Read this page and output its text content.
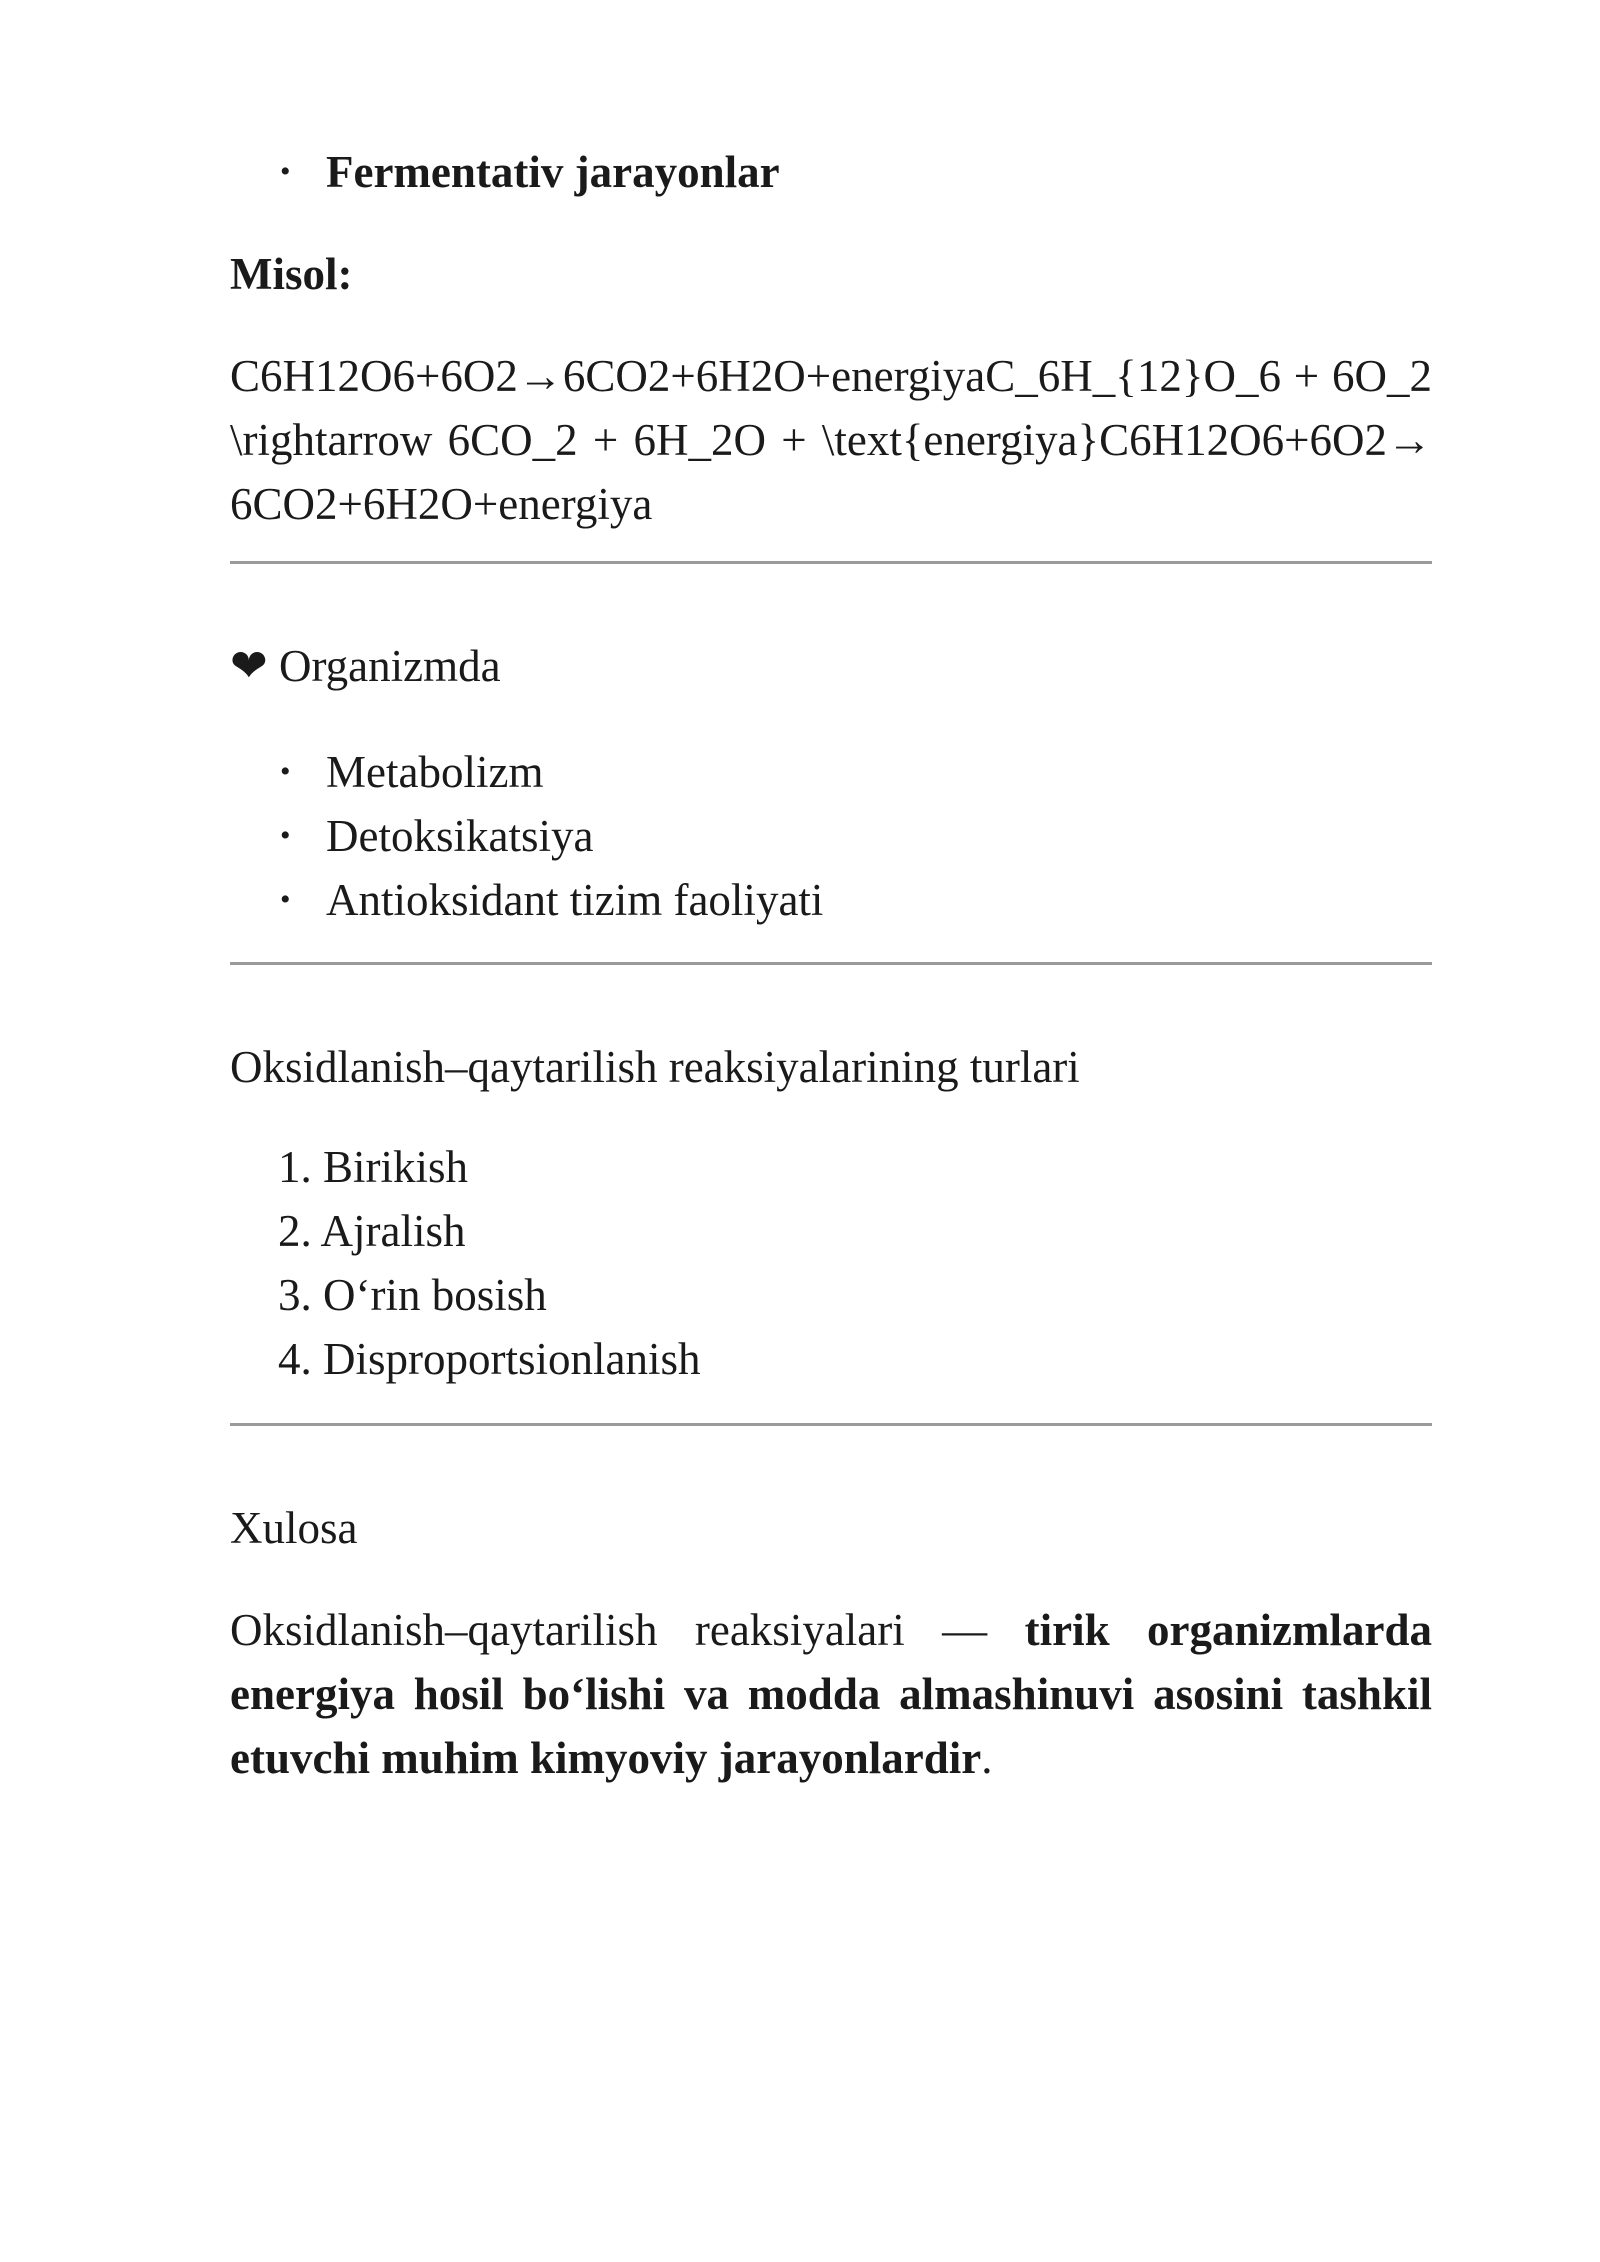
• Fermentativ jarayonlar

Misol:

C6H12O6+6O2→6CO2+6H2O+energiyaC_6H_{12}O_6 + 6O_2 \rightarrow 6CO_2 + 6H_2O + \text{energiya}C6H12O6+6O2→6CO2+6H2O+energiya

❤ Organizmda

• Metabolizm
• Detoksikatsiya
• Antioksidant tizim faoliyati

Oksidlanish–qaytarilish reaksiyalarining turlari

1. Birikish
2. Ajralish
3. O‘rin bosish
4. Disproportsionlanish

Xulosa

Oksidlanish–qaytarilish reaksiyalari — tirik organizmlarda energiya hosil bo‘lishi va modda almashinuvi asosini tashkil etuvchi muhim kimyoviy jarayonlardir.
